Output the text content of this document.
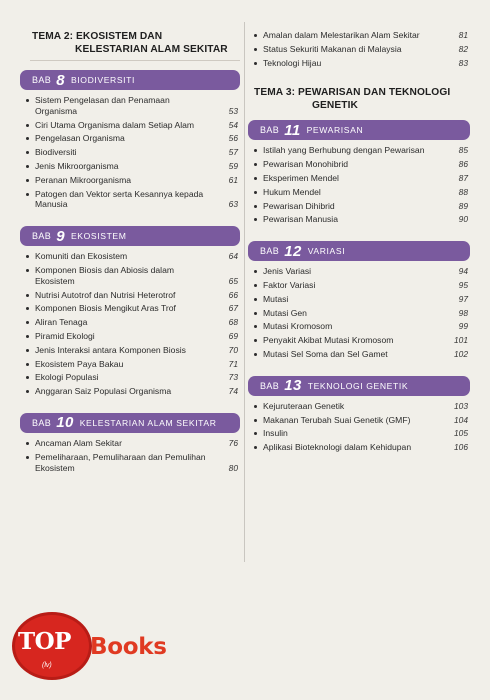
TEMA 2: EKOSISTEM DAN
KELESTARIAN ALAM SEKITAR
BAB 8 BIODIVERSITI
Sistem Pengelasan dan Penamaan Organisma	53
Ciri Utama Organisma dalam Setiap Alam	54
Pengelasan Organisma	56
Biodiversiti	57
Jenis Mikroorganisma	59
Peranan Mikroorganisma	61
Patogen dan Vektor serta Kesannya kepada Manusia	63
BAB 9 EKOSISTEM
Komuniti dan Ekosistem	64
Komponen Biosis dan Abiosis dalam Ekosistem	65
Nutrisi Autotrof dan Nutrisi Heterotrof	66
Komponen Biosis Mengikut Aras Trof	67
Aliran Tenaga	68
Piramid Ekologi	69
Jenis Interaksi antara Komponen Biosis	70
Ekosistem Paya Bakau	71
Ekologi Populasi	73
Anggaran Saiz Populasi Organisma	74
BAB 10 KELESTARIAN ALAM SEKITAR
Ancaman Alam Sekitar	76
Pemeliharaan, Pemuliharaan dan Pemulihan Ekosistem	80
Amalan dalam Melestarikan Alam Sekitar	81
Status Sekuriti Makanan di Malaysia	82
Teknologi Hijau	83
TEMA 3: PEWARISAN DAN TEKNOLOGI
GENETIK
BAB 11 PEWARISAN
Istilah yang Berhubung dengan Pewarisan	85
Pewarisan Monohibrid	86
Eksperimen Mendel	87
Hukum Mendel	88
Pewarisan Dihibrid	89
Pewarisan Manusia	90
BAB 12 VARIASI
Jenis Variasi	94
Faktor Variasi	95
Mutasi	97
Mutasi Gen	98
Mutasi Kromosom	99
Penyakit Akibat Mutasi Kromosom	101
Mutasi Sel Soma dan Sel Gamet	102
BAB 13 TEKNOLOGI GENETIK
Kejuruteraan Genetik	103
Makanan Terubah Suai Genetik (GMF)	104
Insulin	105
Aplikasi Bioteknologi dalam Kehidupan	106
TOP Books
(lv)
